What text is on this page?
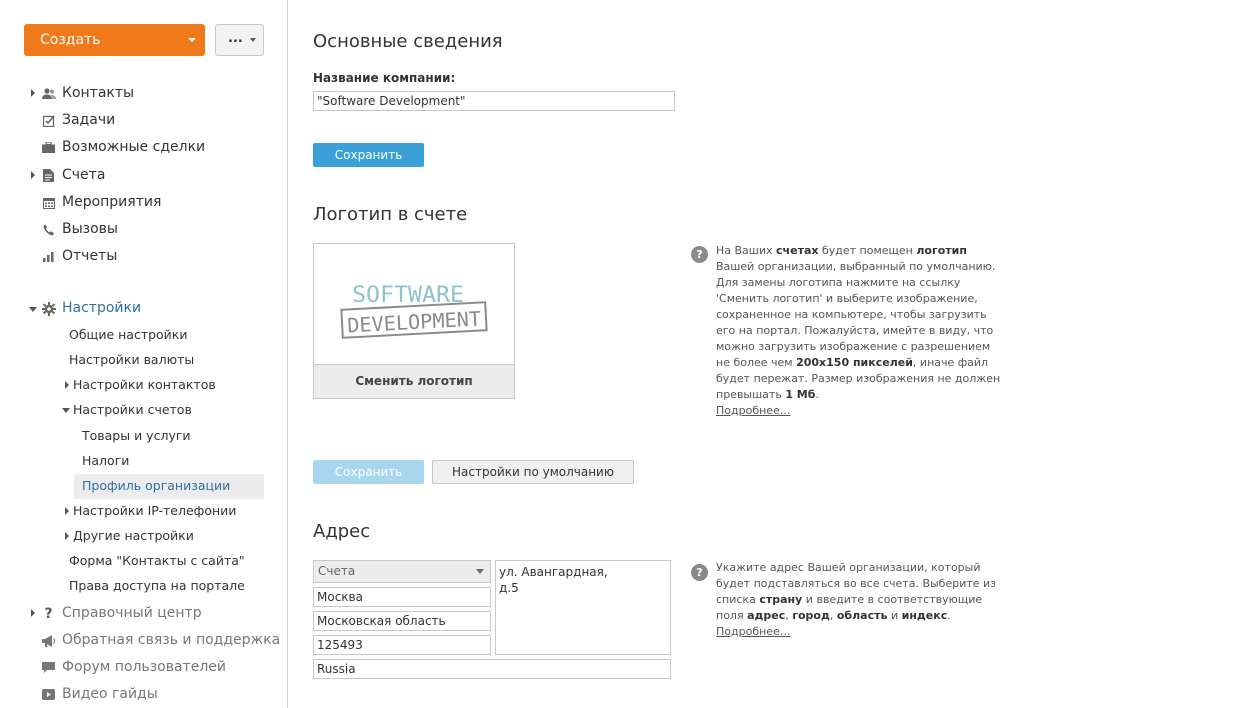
Создать	...
Контакты
Задачи
Возможные сделки
Счета
Мероприятия
Вызовы
Отчеты
Настройки
Общие настройки
Настройки валюты
Настройки контактов
Настройки счетов
Товары и услуги
Налоги
Профиль организации
Настройки IP-телефонии
Другие настройки
Форма "Контакты с сайта"
Права доступа на портале
? Справочный центр
Обратная связь и поддержка
Форум пользователей
Видео гайды
Основные сведения
Название компании:
"Software Development"
Сохранить
Логотип в счете
SOFTWARE
DEVELOPMENT
Сменить логотип
?	На Ваших счетах будет помещен логотип Вашей организации, выбранный по умолчанию.
Для замены логотипа нажмите на ссылку 'Сменить логотип' и выберите изображение, сохраненное на компьютере, чтобы загрузить его на портал. Пожалуйста, имейте в виду, что можно загрузить изображение с разрешением не более чем 200x150 пикселей, иначе файл будет пережат. Размер изображения не должен превышать 1 Мб.
Подробнее...
Сохранить	Настройки по умолчанию
Адрес
Счета
Москва
Московская область
125493
Russia
ул. Авангардная,
д.5
?	Укажите адрес Вашей организации, который будет подставляться во все счета. Выберите из списка страну и введите в соответствующие поля адрес, город, область и индекс.
Подробнее...
